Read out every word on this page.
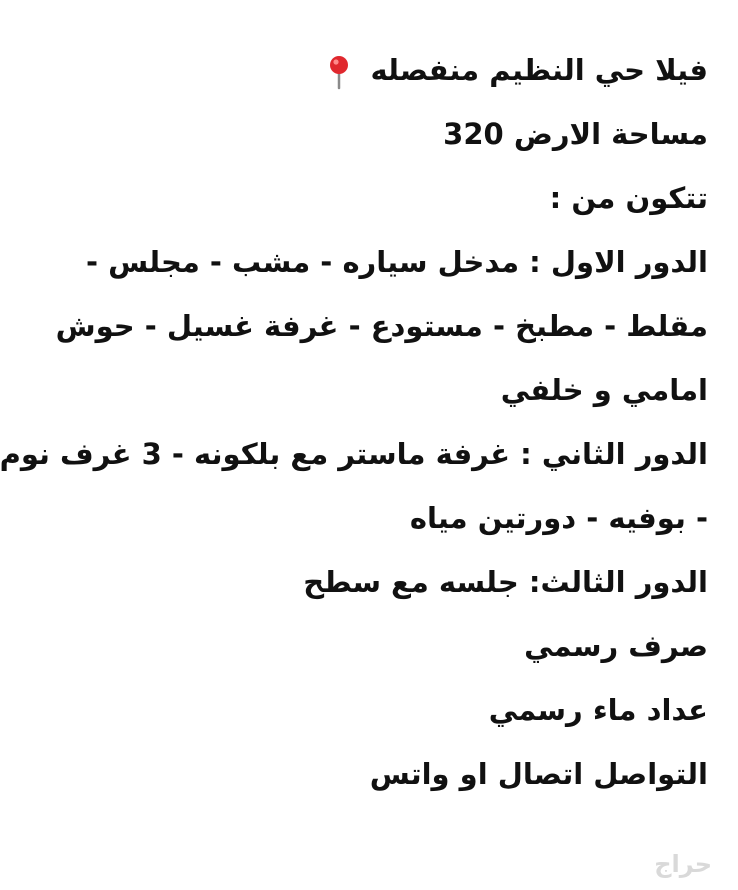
فيلا حي النظيم منفصله
مساحة الارض 320
تتكون من :
الدور الاول : مدخل سياره - مشب - مجلس -
مقلط - مطبخ - مستودع - غرفة غسيل - حوش
امامي و خلفي
الدور الثاني : غرفة ماستر مع بلكونه - 3 غرف نوم
- بوفيه - دورتين مياه
الدور الثالث: جلسه مع سطح
صرف رسمي
عداد ماء رسمي
التواصل اتصال او واتس
حراج
